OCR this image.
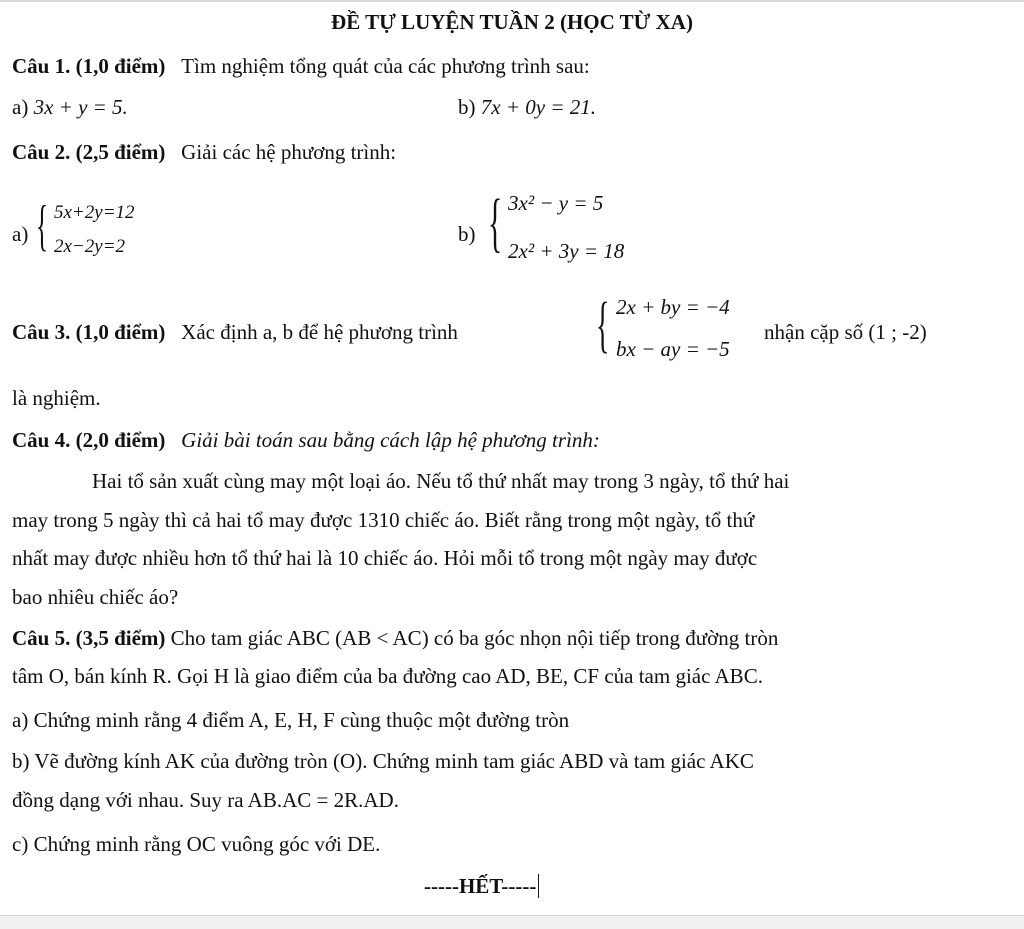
ĐỀ TỰ LUYỆN TUẦN 2 (HỌC TỪ XA)
Câu 1. (1,0 điểm) Tìm nghiệm tổng quát của các phương trình sau:
a) 3x + y = 5.	b) 7x + 0y = 21.
Câu 2. (2,5 điểm) Giải các hệ phương trình:
a) { 5x+2y=12
2x−2y=2
b) { 3x² − y = 5
2x² + 3y = 18
Câu 3. (1,0 điểm) Xác định a, b để hệ phương trình { 2x + by = −4
bx − ay = −5
nhận cặp số (1 ; -2)
là nghiệm.
Câu 4. (2,0 điểm) Giải bài toán sau bằng cách lập hệ phương trình:
Hai tổ sản xuất cùng may một loại áo. Nếu tổ thứ nhất may trong 3 ngày, tổ thứ hai
may trong 5 ngày thì cả hai tổ may được 1310 chiếc áo. Biết rằng trong một ngày, tổ thứ
nhất may được nhiều hơn tổ thứ hai là 10 chiếc áo. Hỏi mỗi tổ trong một ngày may được
bao nhiêu chiếc áo?
Câu 5. (3,5 điểm) Cho tam giác ABC (AB < AC) có ba góc nhọn nội tiếp trong đường tròn
tâm O, bán kính R. Gọi H là giao điểm của ba đường cao AD, BE, CF của tam giác ABC.
a) Chứng minh rằng 4 điểm A, E, H, F cùng thuộc một đường tròn
b) Vẽ đường kính AK của đường tròn (O). Chứng minh tam giác ABD và tam giác AKC
đồng dạng với nhau. Suy ra AB.AC = 2R.AD.
c) Chứng minh rằng OC vuông góc với DE.
-----HẾT-----
